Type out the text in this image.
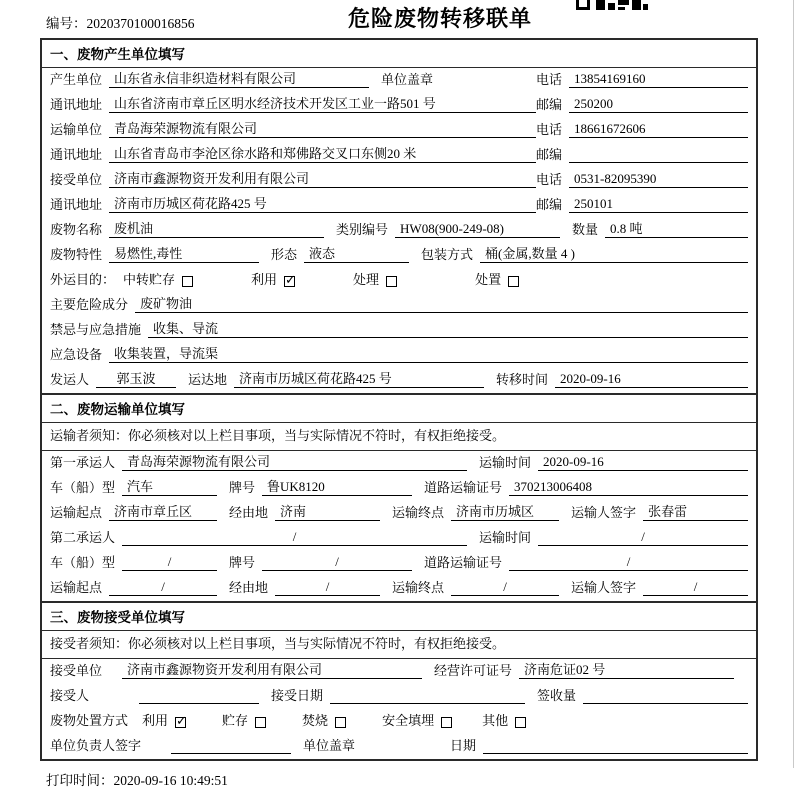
编号：2020370100016856	危险废物转移联单
一、废物产生单位填写
产生单位 山东省永信非织造材料有限公司	单位盖章	电话 13854169160
通讯地址 山东省济南市章丘区明水经济技术开发区工业一路501 号	邮编 250200
运输单位 青岛海荣源物流有限公司	电话 18661672606
通讯地址 山东省青岛市李沧区徐水路和郑佛路交叉口东侧20 米	邮编
接受单位 济南市鑫源物资开发利用有限公司	电话 0531-82095390
通讯地址 济南市历城区荷花路425 号	邮编 250101
废物名称 废机油	类别编号 HW08(900-249-08)	数量 0.8 吨
废物特性 易燃性,毒性	形态 液态	包装方式 桶(金属,数量 4 )
外运目的： 中转贮存	利用 ✓	处理	处置
主要危险成分 废矿物油
禁忌与应急措施 收集、导流
应急设备 收集装置，导流渠
发运人	郭玉波	运达地 济南市历城区荷花路425 号	转移时间 2020-09-16
二、废物运输单位填写
运输者须知：你必须核对以上栏目事项，当与实际情况不符时，有权拒绝接受。
第一承运人 青岛海荣源物流有限公司	运输时间 2020-09-16
车（船）型 汽车	牌号 鲁UK8120	道路运输证号 370213006408
运输起点 济南市章丘区	经由地 济南	运输终点 济南市历城区	运输人签字 张春雷
第二承运人	/	运输时间	/
车（船）型	/	牌号	/	道路运输证号	/
运输起点	/	经由地	/	运输终点	/	运输人签字	/
三、废物接受单位填写
接受者须知：你必须核对以上栏目事项，当与实际情况不符时，有权拒绝接受。
接受单位	济南市鑫源物资开发利用有限公司	经营许可证号 济南危证02 号
接受人	接受日期	签收量
废物处置方式 利用 ✓	贮存	焚烧	安全填埋	其他
单位负责人签字	单位盖章	日期
打印时间：2020-09-16 10:49:51
